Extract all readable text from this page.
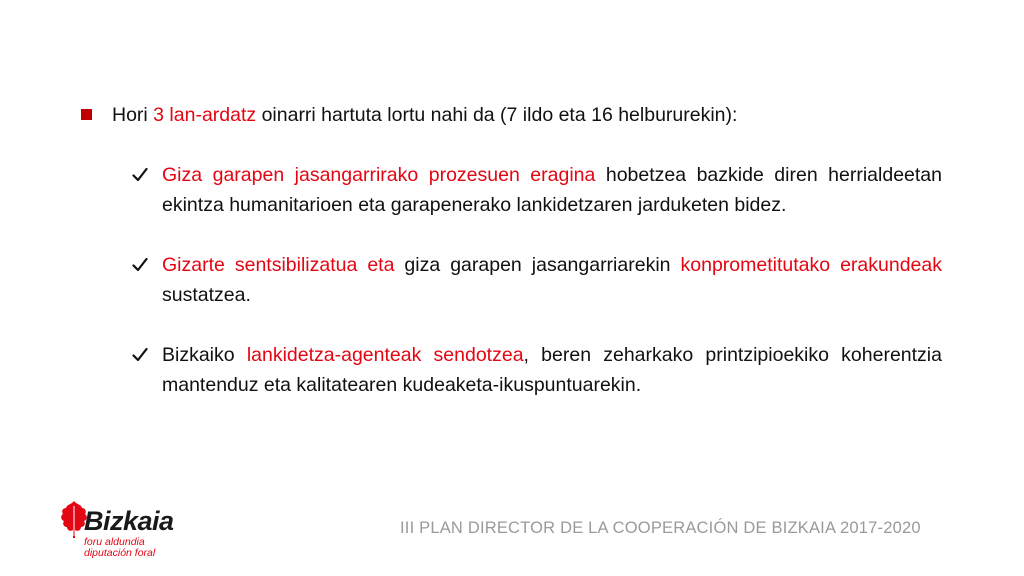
Hori 3 lan-ardatz oinarri hartuta lortu nahi da (7 ildo eta 16 helbururekin):
Giza garapen jasangarrirako prozesuen eragina hobetzea bazkide diren herrialdeetan ekintza humanitarioen eta garapenerako lankidetzaren jarduketen bidez.
Gizarte sentsibilizatua eta giza garapen jasangarriarekin konprometitutako erakundeak sustatzea.
Bizkaiko lankidetza-agenteak sendotzea, beren zeharkako printzipioekiko koherentzia mantenduz eta kalitatearen kudeaketa-ikuspuntuarekin.
Bizkaia
foru aldundia
diputación foral
III PLAN DIRECTOR DE LA COOPERACIÓN DE BIZKAIA 2017-2020
